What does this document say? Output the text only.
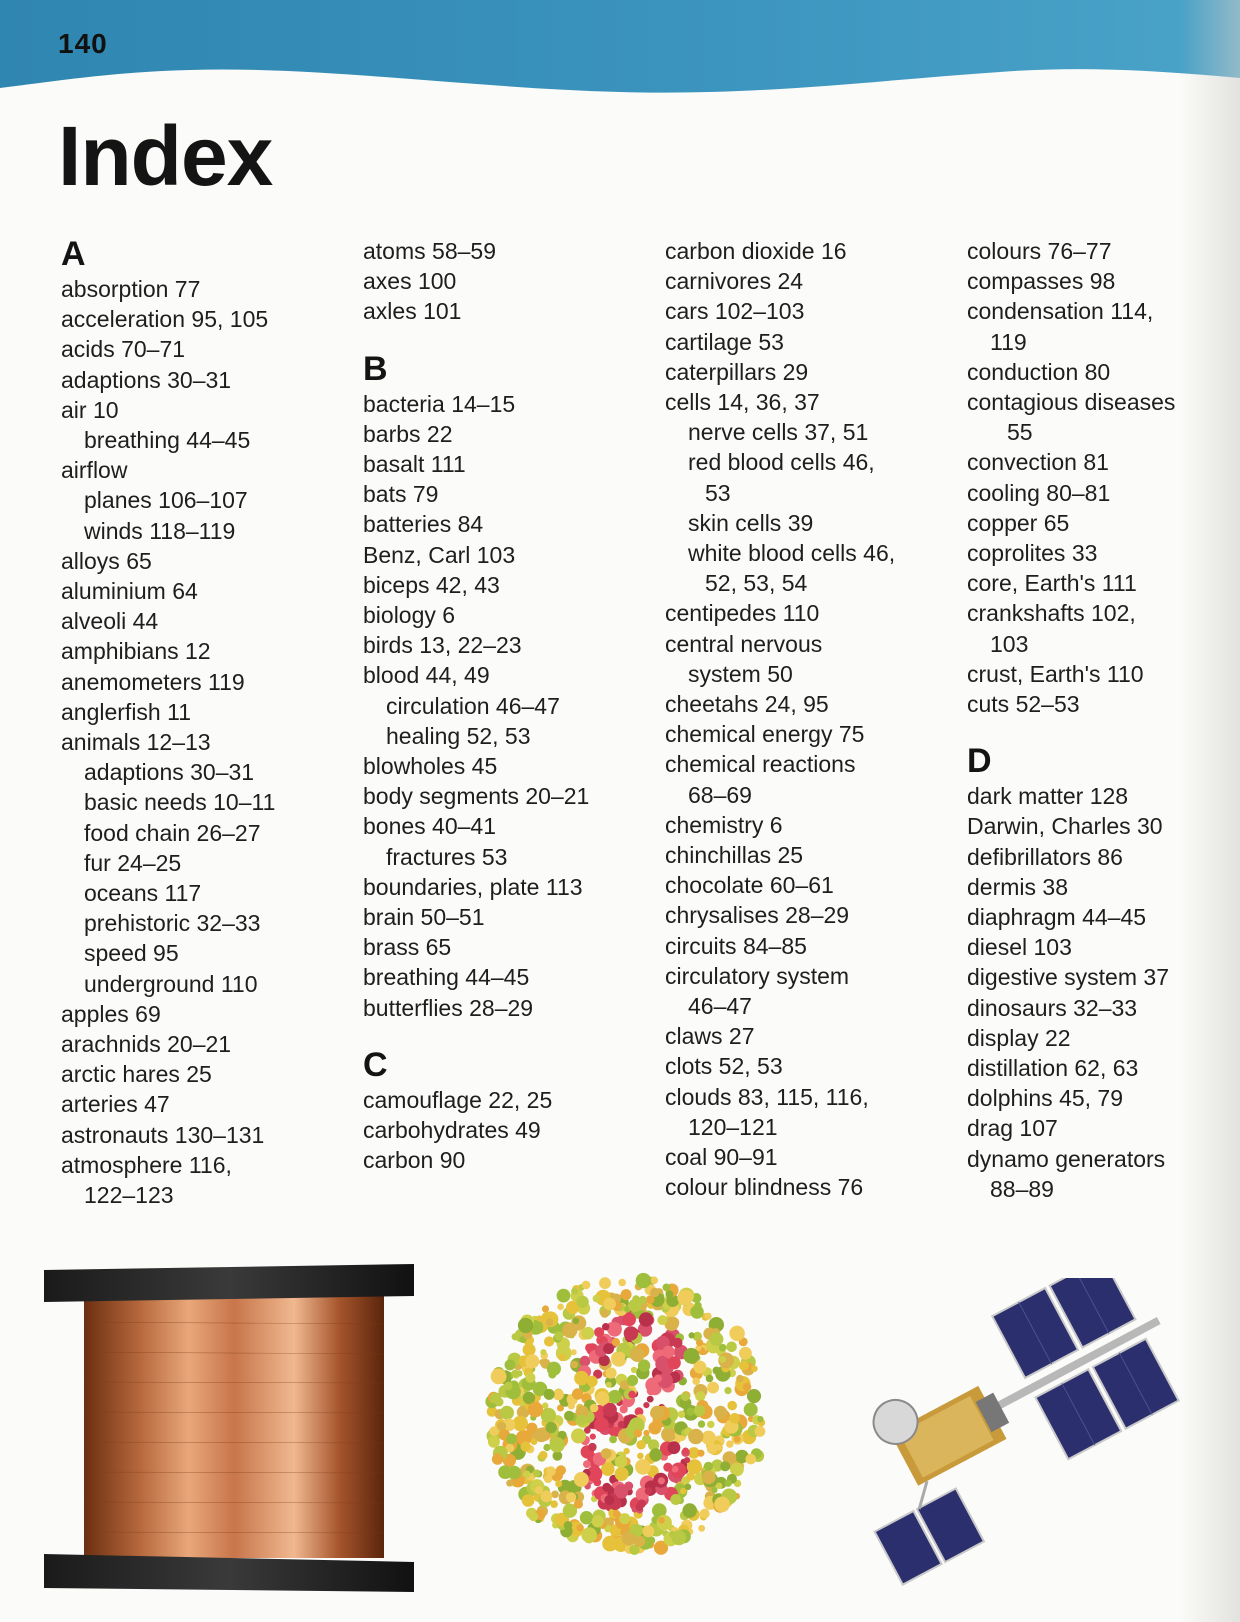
140
Index
A
absorption 77
acceleration 95, 105
acids 70–71
adaptions 30–31
air 10
breathing 44–45
airflow
planes 106–107
winds 118–119
alloys 65
aluminium 64
alveoli 44
amphibians 12
anemometers 119
anglerfish 11
animals 12–13
adaptions 30–31
basic needs 10–11
food chain 26–27
fur 24–25
oceans 117
prehistoric 32–33
speed 95
underground 110
apples 69
arachnids 20–21
arctic hares 25
arteries 47
astronauts 130–131
atmosphere 116,
122–123
atoms 58–59
axes 100
axles 101
B
bacteria 14–15
barbs 22
basalt 111
bats 79
batteries 84
Benz, Carl 103
biceps 42, 43
biology 6
birds 13, 22–23
blood 44, 49
circulation 46–47
healing 52, 53
blowholes 45
body segments 20–21
bones 40–41
fractures 53
boundaries, plate 113
brain 50–51
brass 65
breathing 44–45
butterflies 28–29
C
camouflage 22, 25
carbohydrates 49
carbon 90
carbon dioxide 16
carnivores 24
cars 102–103
cartilage 53
caterpillars 29
cells 14, 36, 37
nerve cells 37, 51
red blood cells 46,
53
skin cells 39
white blood cells 46,
52, 53, 54
centipedes 110
central nervous
system 50
cheetahs 24, 95
chemical energy 75
chemical reactions
68–69
chemistry 6
chinchillas 25
chocolate 60–61
chrysalises 28–29
circuits 84–85
circulatory system
46–47
claws 27
clots 52, 53
clouds 83, 115, 116,
120–121
coal 90–91
colour blindness 76
colours 76–77
compasses 98
condensation 114,
119
conduction 80
contagious diseases
55
convection 81
cooling 80–81
copper 65
coprolites 33
core, Earth's 111
crankshafts 102,
103
crust, Earth's 110
cuts 52–53
D
dark matter 128
Darwin, Charles 30
defibrillators 86
dermis 38
diaphragm 44–45
diesel 103
digestive system 37
dinosaurs 32–33
display 22
distillation 62, 63
dolphins 45, 79
drag 107
dynamo generators
88–89
